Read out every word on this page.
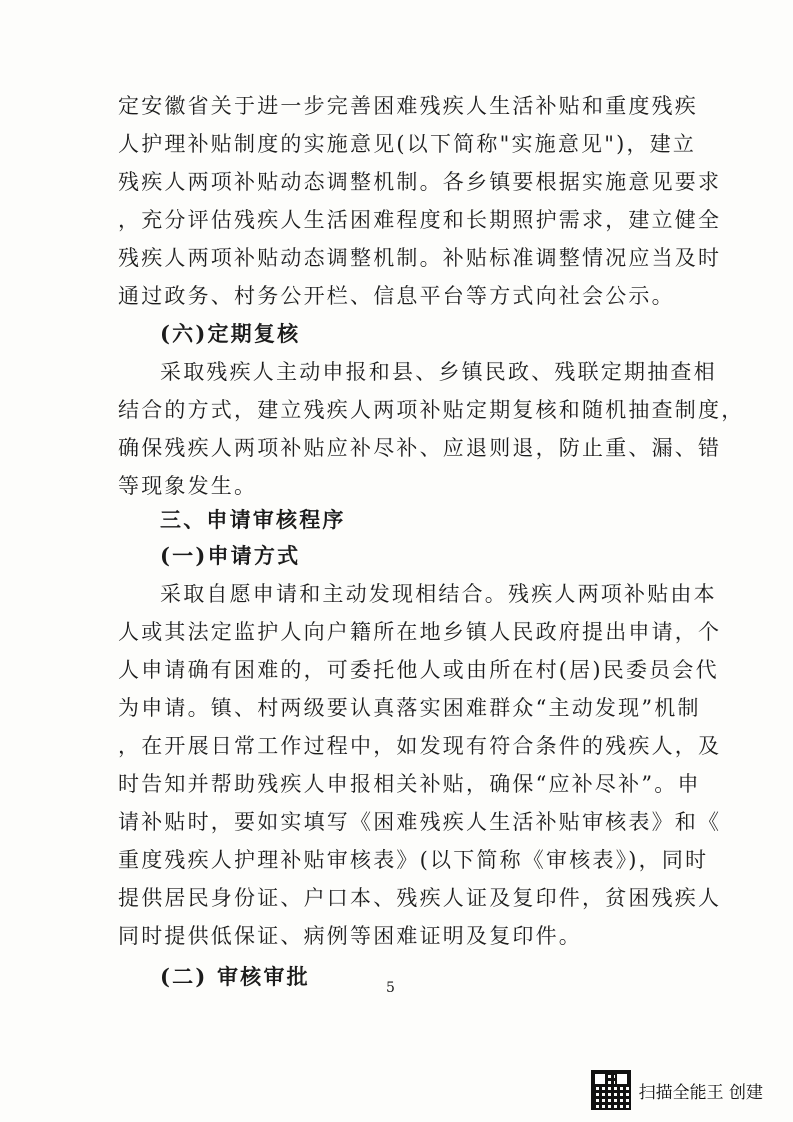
定安徽省关于进一步完善困难残疾人生活补贴和重度残疾
人护理补贴制度的实施意见(以下简称"实施意见")，建立
残疾人两项补贴动态调整机制。各乡镇要根据实施意见要求
，充分评估残疾人生活困难程度和长期照护需求，建立健全
残疾人两项补贴动态调整机制。补贴标准调整情况应当及时
通过政务、村务公开栏、信息平台等方式向社会公示。
(六)定期复核
采取残疾人主动申报和县、乡镇民政、残联定期抽查相
结合的方式，建立残疾人两项补贴定期复核和随机抽查制度，
确保残疾人两项补贴应补尽补、应退则退，防止重、漏、错
等现象发生。
三、申请审核程序
(一)申请方式
采取自愿申请和主动发现相结合。残疾人两项补贴由本
人或其法定监护人向户籍所在地乡镇人民政府提出申请，个
人申请确有困难的，可委托他人或由所在村(居)民委员会代
为申请。镇、村两级要认真落实困难群众“主动发现”机制
，在开展日常工作过程中，如发现有符合条件的残疾人，及
时告知并帮助残疾人申报相关补贴，确保“应补尽补”。申
请补贴时，要如实填写《困难残疾人生活补贴审核表》和《
重度残疾人护理补贴审核表》(以下简称《审核表》)，同时
提供居民身份证、户口本、残疾人证及复印件，贫困残疾人
同时提供低保证、病例等困难证明及复印件。
(二) 审核审批	5
扫描全能王 创建
